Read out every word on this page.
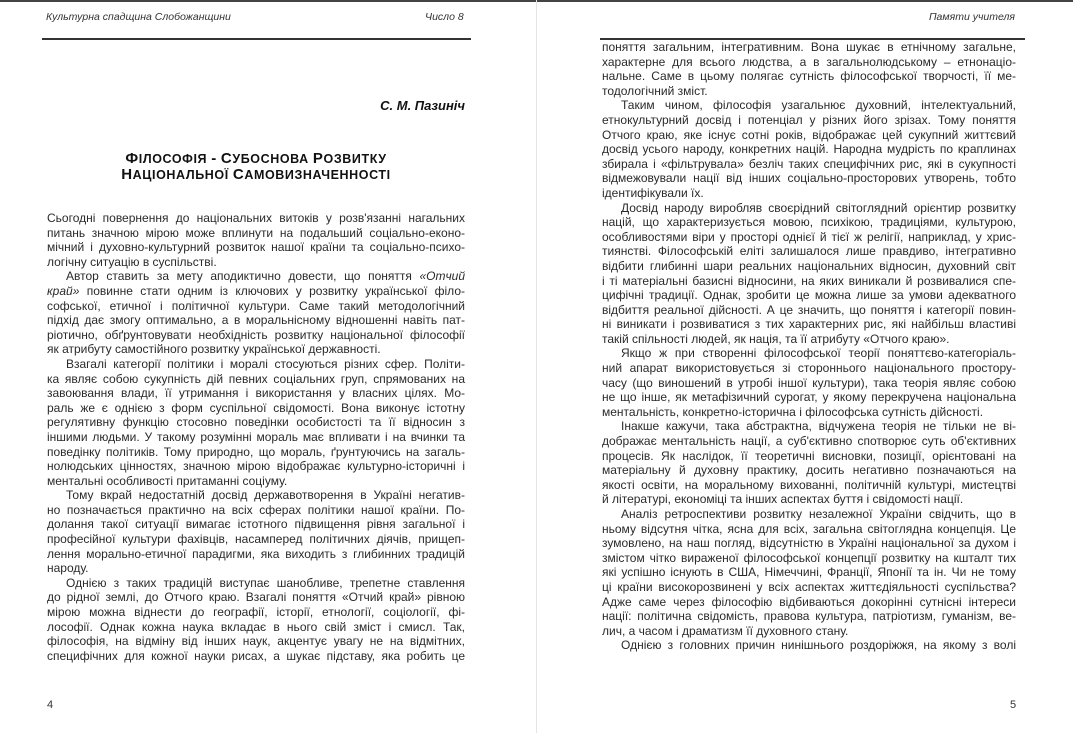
Культурна спадщина Слобожанщини	Число 8
С. М. Пазиніч
ФІЛОСОФІЯ - СУБОСНОВА РОЗВИТКУ
НАЦІОНАЛЬНОЇ САМОВИЗНАЧЕННОСТІ
Сьогодні повернення до національних витоків у розв'язанні нагальних
питань значною мірою може вплинути на подальший соціально-еконо-
мічний і духовно-культурний розвиток нашої країни та соціально-психо-
логічну ситуацію в суспільстві.
Автор ставить за мету аподиктично довести, що поняття «Отчий
край» повинне стати одним із ключових у розвитку української філо-
софської, етичної і політичної культури. Саме такий методологічний
підхід дає змогу оптимально, а в моральнісному відношенні навіть пат-
ріотично, обґрунтовувати необхідність розвитку національної філософії
як атрибуту самостійного розвитку української державності.
Взагалі категорії політики і моралі стосуються різних сфер. Політи-
ка являє собою сукупність дій певних соціальних груп, спрямованих на
завоювання влади, її утримання і використання у власних цілях. Мо-
раль же є однією з форм суспільної свідомості. Вона виконує істотну
регулятивну функцію стосовно поведінки особистості та її відносин з
іншими людьми. У такому розумінні мораль має впливати і на вчинки та
поведінку політиків. Тому природно, що мораль, ґрунтуючись на загаль-
нолюдських цінностях, значною мірою відображає культурно-історичні і
ментальні особливості притаманні соціуму.
Тому вкрай недостатній досвід державотворення в Україні негатив-
но позначається практично на всіх сферах політики нашої країни. По-
долання такої ситуації вимагає істотного підвищення рівня загальної і
професійної культури фахівців, насамперед політичних діячів, прищеп-
лення морально-етичної парадигми, яка виходить з глибинних традицій
народу.
Однією з таких традицій виступає шанобливе, трепетне ставлення
до рідної землі, до Отчого краю. Взагалі поняття «Отчий край» рівною
мірою можна віднести до географії, історії, етнології, соціології, фі-
лософії. Однак кожна наука вкладає в нього свій зміст і смисл. Так,
філософія, на відміну від інших наук, акцентує увагу не на відмітних,
специфічних для кожної науки рисах, а шукає підставу, яка робить це
4
Памяти учителя
поняття загальним, інтегративним. Вона шукає в етнічному загальне,
характерне для всього людства, а в загальнолюдському – етнонаціо-
нальне. Саме в цьому полягає сутність філософської творчості, її ме-
тодологічний зміст.
Таким чином, філософія узагальнює духовний, інтелектуальний,
етнокультурний досвід і потенціал у різних його зрізах. Тому поняття
Отчого краю, яке існує сотні років, відображає цей сукупний життєвий
досвід усього народу, конкретних націй. Народна мудрість по краплинах
збирала і «фільтрувала» безліч таких специфічних рис, які в сукупності
відмежовували нації від інших соціально-просторових утворень, тобто
ідентифікували їх.
Досвід народу виробляв своєрідний світоглядний орієнтир розвитку
націй, що характеризується мовою, психікою, традиціями, культурою,
особливостями віри у просторі однієї й тієї ж релігії, наприклад, у хрис-
тиянстві. Філософській еліті залишалося лише правдиво, інтегративно
відбити глибинні шари реальних національних відносин, духовний світ
і ті матеріальні базисні відносини, на яких виникали й розвивалися спе-
цифічні традиції. Однак, зробити це можна лише за умови адекватного
відбиття реальної дійсності. А це значить, що поняття і категорії повин-
ні виникати і розвиватися з тих характерних рис, які найбільш властиві
такій спільності людей, як нація, та її атрибуту «Отчого краю».
Якщо ж при створенні філософської теорії поняттєво-категоріаль-
ний апарат використовується зі стороннього національного простору-
часу (що виношений в утробі іншої культури), така теорія являє собою
не що інше, як метафізичний сурогат, у якому перекручена національна
ментальність, конкретно-історична і філософська сутність дійсності.
Інакше кажучи, така абстрактна, відчужена теорія не тільки не ві-
дображає ментальність нації, а суб'єктивно спотворює суть об'єктивних
процесів. Як наслідок, її теоретичні висновки, позиції, орієнтовані на
матеріальну й духовну практику, досить негативно позначаються на
якості освіти, на моральному вихованні, політичній культурі, мистецтві
й літературі, економіці та інших аспектах буття і свідомості нації.
Аналіз ретроспективи розвитку незалежної України свідчить, що в
ньому відсутня чітка, ясна для всіх, загальна світоглядна концепція. Це
зумовлено, на наш погляд, відсутністю в Україні національної за духом і
змістом чітко вираженої філософської концепції розвитку на кшталт тих
які успішно існують в США, Німеччині, Франції, Японії та ін. Чи не тому
ці країни високорозвинені у всіх аспектах життєдіяльності суспільства?
Адже саме через філософію відбиваються докорінні сутнісні інтереси
нації: політична свідомість, правова культура, патріотизм, гуманізм, ве-
лич, а часом і драматизм її духовного стану.
Однією з головних причин нинішнього роздоріжжя, на якому з волі
5
